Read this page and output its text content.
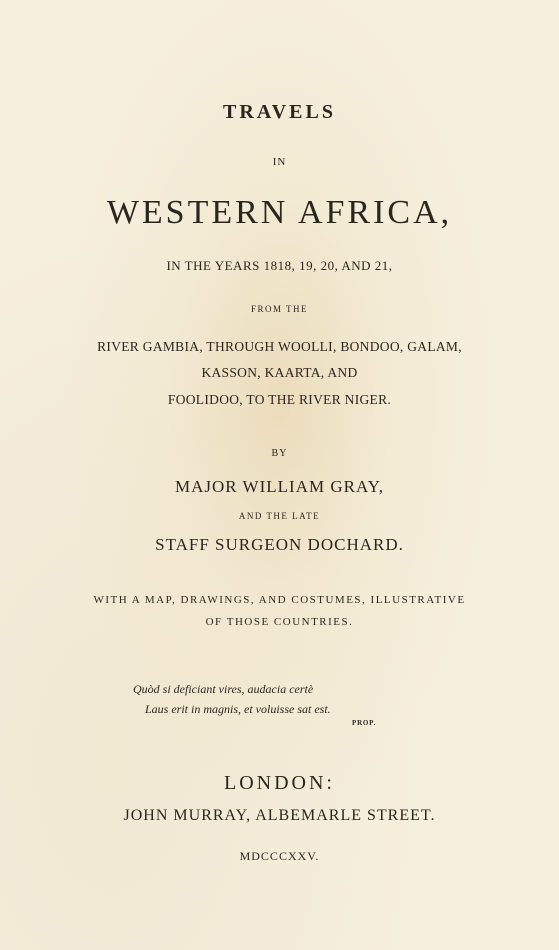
TRAVELS
IN
WESTERN AFRICA,
IN THE YEARS 1818, 19, 20, AND 21,
FROM THE
RIVER GAMBIA, THROUGH WOOLLI, BONDOO, GALAM,
KASSON, KAARTA, AND
FOOLIDOO, TO THE RIVER NIGER.
BY
MAJOR WILLIAM GRAY,
AND THE LATE
STAFF SURGEON DOCHARD.
WITH A MAP, DRAWINGS, AND COSTUMES, ILLUSTRATIVE
OF THOSE COUNTRIES.
Quòd si deficiant vires, audacia certè
Laus erit in magnis, et voluisse sat est.
PROP.
LONDON:
JOHN MURRAY, ALBEMARLE STREET.
MDCCCXXV.
